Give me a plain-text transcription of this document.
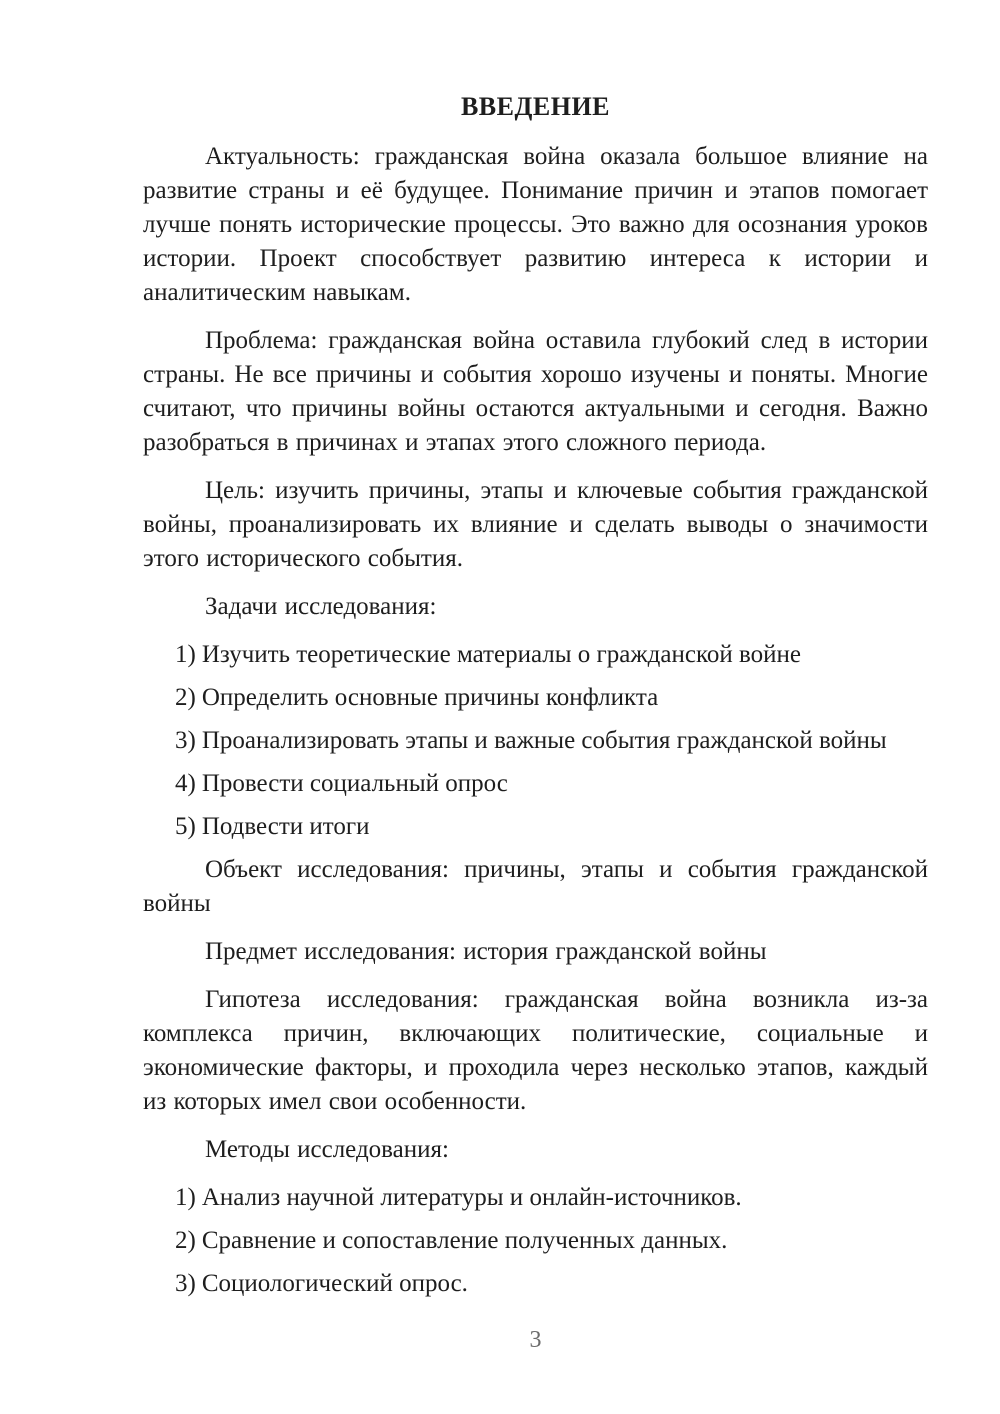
ВВЕДЕНИЕ

Актуальность: гражданская война оказала большое влияние на развитие страны и её будущее. Понимание причин и этапов помогает лучше понять исторические процессы. Это важно для осознания уроков истории. Проект способствует развитию интереса к истории и аналитическим навыкам.

Проблема: гражданская война оставила глубокий след в истории страны. Не все причины и события хорошо изучены и поняты. Многие считают, что причины войны остаются актуальными и сегодня. Важно разобраться в причинах и этапах этого сложного периода.

Цель: изучить причины, этапы и ключевые события гражданской войны, проанализировать их влияние и сделать выводы о значимости этого исторического события.

Задачи исследования:

1) Изучить теоретические материалы о гражданской войне

2) Определить основные причины конфликта

3) Проанализировать этапы и важные события гражданской войны

4) Провести социальный опрос

5) Подвести итоги

Объект исследования: причины, этапы и события гражданской войны

Предмет исследования: история гражданской войны

Гипотеза исследования: гражданская война возникла из-за комплекса причин, включающих политические, социальные и экономические факторы, и проходила через несколько этапов, каждый из которых имел свои особенности.

Методы исследования:

1) Анализ научной литературы и онлайн-источников.

2) Сравнение и сопоставление полученных данных.

3) Социологический опрос.

3
